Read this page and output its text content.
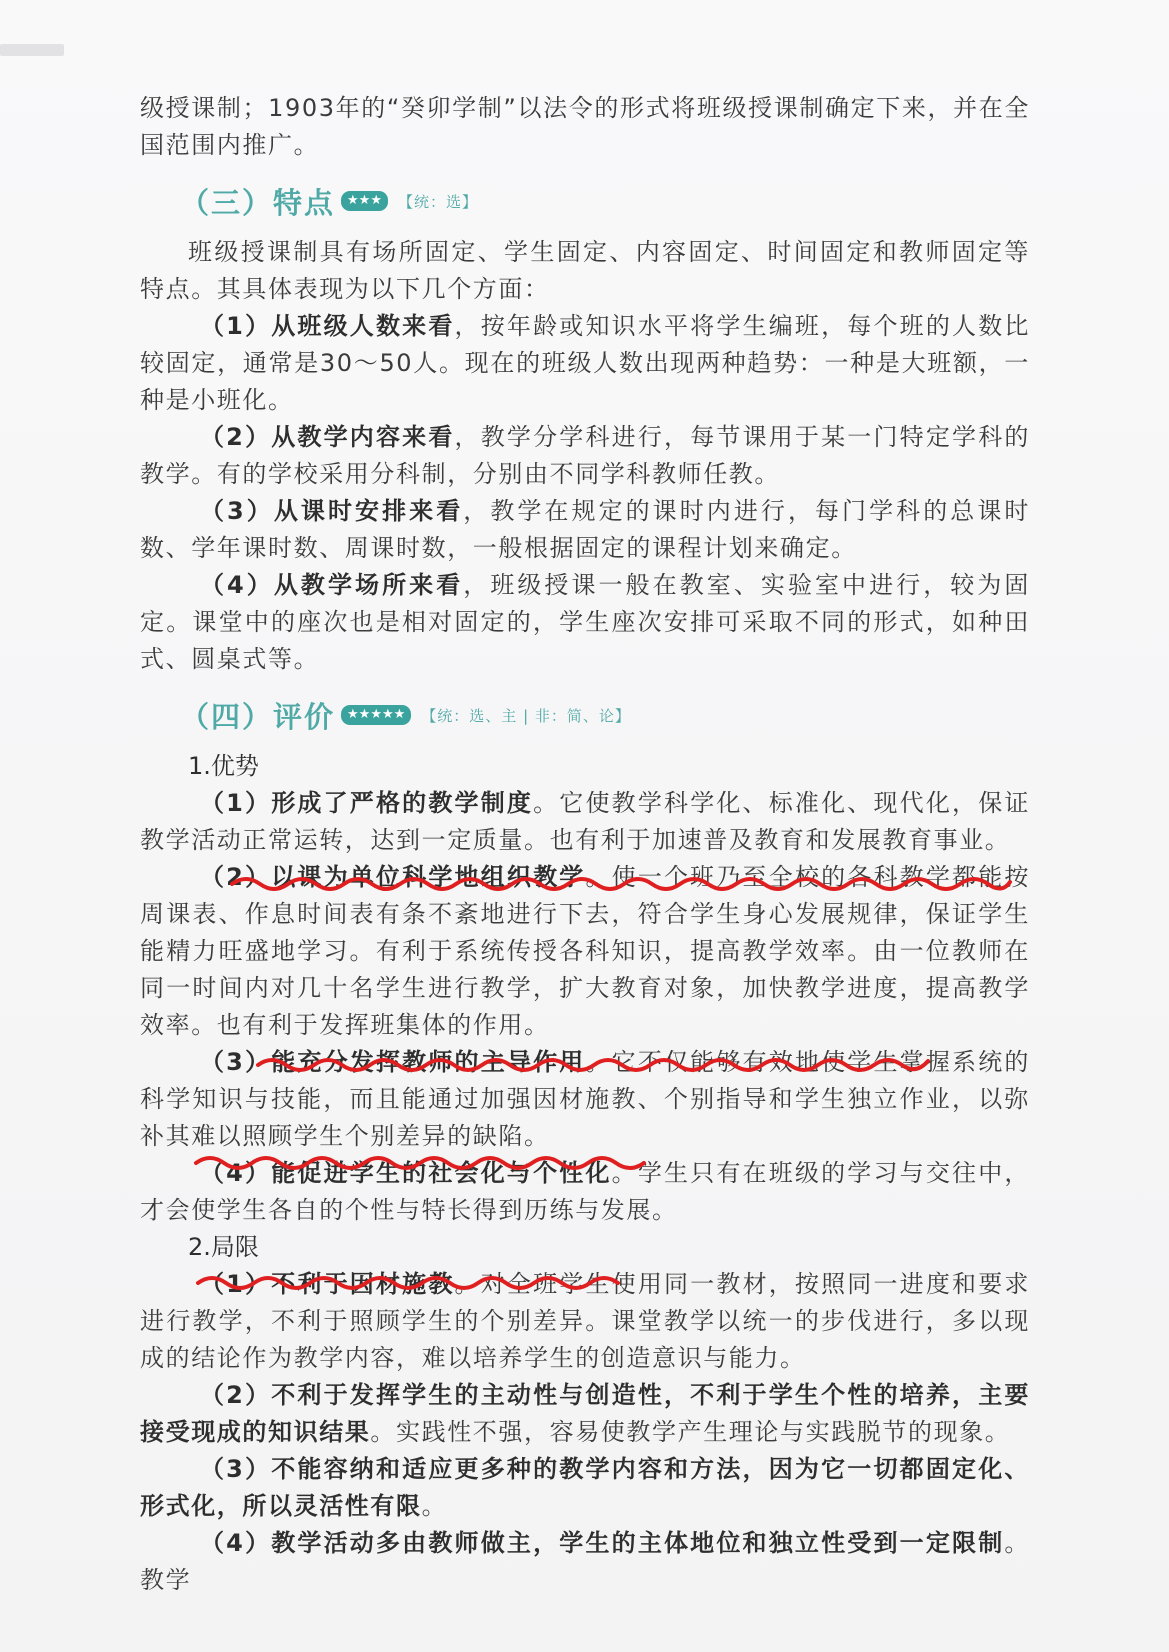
级授课制；1903年的“癸卯学制”以法令的形式将班级授课制确定下来，并在全国范围内推广。

（三）特点 ★★★	【统：选】

班级授课制具有场所固定、学生固定、内容固定、时间固定和教师固定等特点。其具体表现为以下几个方面：

（1）从班级人数来看，按年龄或知识水平将学生编班，每个班的人数比较固定，通常是30～50人。现在的班级人数出现两种趋势：一种是大班额，一种是小班化。

（2）从教学内容来看，教学分学科进行，每节课用于某一门特定学科的教学。有的学校采用分科制，分别由不同学科教师任教。

（3）从课时安排来看，教学在规定的课时内进行，每门学科的总课时数、学年课时数、周课时数，一般根据固定的课程计划来确定。

（4）从教学场所来看，班级授课一般在教室、实验室中进行，较为固定。课堂中的座次也是相对固定的，学生座次安排可采取不同的形式，如种田式、圆桌式等。

（四）评价 ★★★★★	【统：选、主 | 非：简、论】
1.优势

（1）形成了严格的教学制度。它使教学科学化、标准化、现代化，保证教学活动正常运转，达到一定质量。也有利于加速普及教育和发展教育事业。

（2）以课为单位科学地组织教学。使一个班乃至全校的各科教学都能按周课表、作息时间表有条不紊地进行下去，符合学生身心发展规律，保证学生能精力旺盛地学习。有利于系统传授各科知识，提高教学效率。由一位教师在同一时间内对几十名学生进行教学，扩大教育对象，加快教学进度，提高教学效率。也有利于发挥班集体的作用。

（3）能充分发挥教师的主导作用。它不仅能够有效地使学生掌握系统的科学知识与技能，而且能通过加强因材施教、个别指导和学生独立作业，以弥补其难以照顾学生个别差异的缺陷。

（4）能促进学生的社会化与个性化。学生只有在班级的学习与交往中，才会使学生各自的个性与特长得到历练与发展。

2.局限

（1）不利于因材施教。对全班学生使用同一教材，按照同一进度和要求进行教学，不利于照顾学生的个别差异。课堂教学以统一的步伐进行，多以现成的结论作为教学内容，难以培养学生的创造意识与能力。

（2）不利于发挥学生的主动性与创造性，不利于学生个性的培养，主要接受现成的知识结果。实践性不强，容易使教学产生理论与实践脱节的现象。

（3）不能容纳和适应更多种的教学内容和方法，因为它一切都固定化、形式化，所以灵活性有限。

（4）教学活动多由教师做主，学生的主体地位和独立性受到一定限制。教学
